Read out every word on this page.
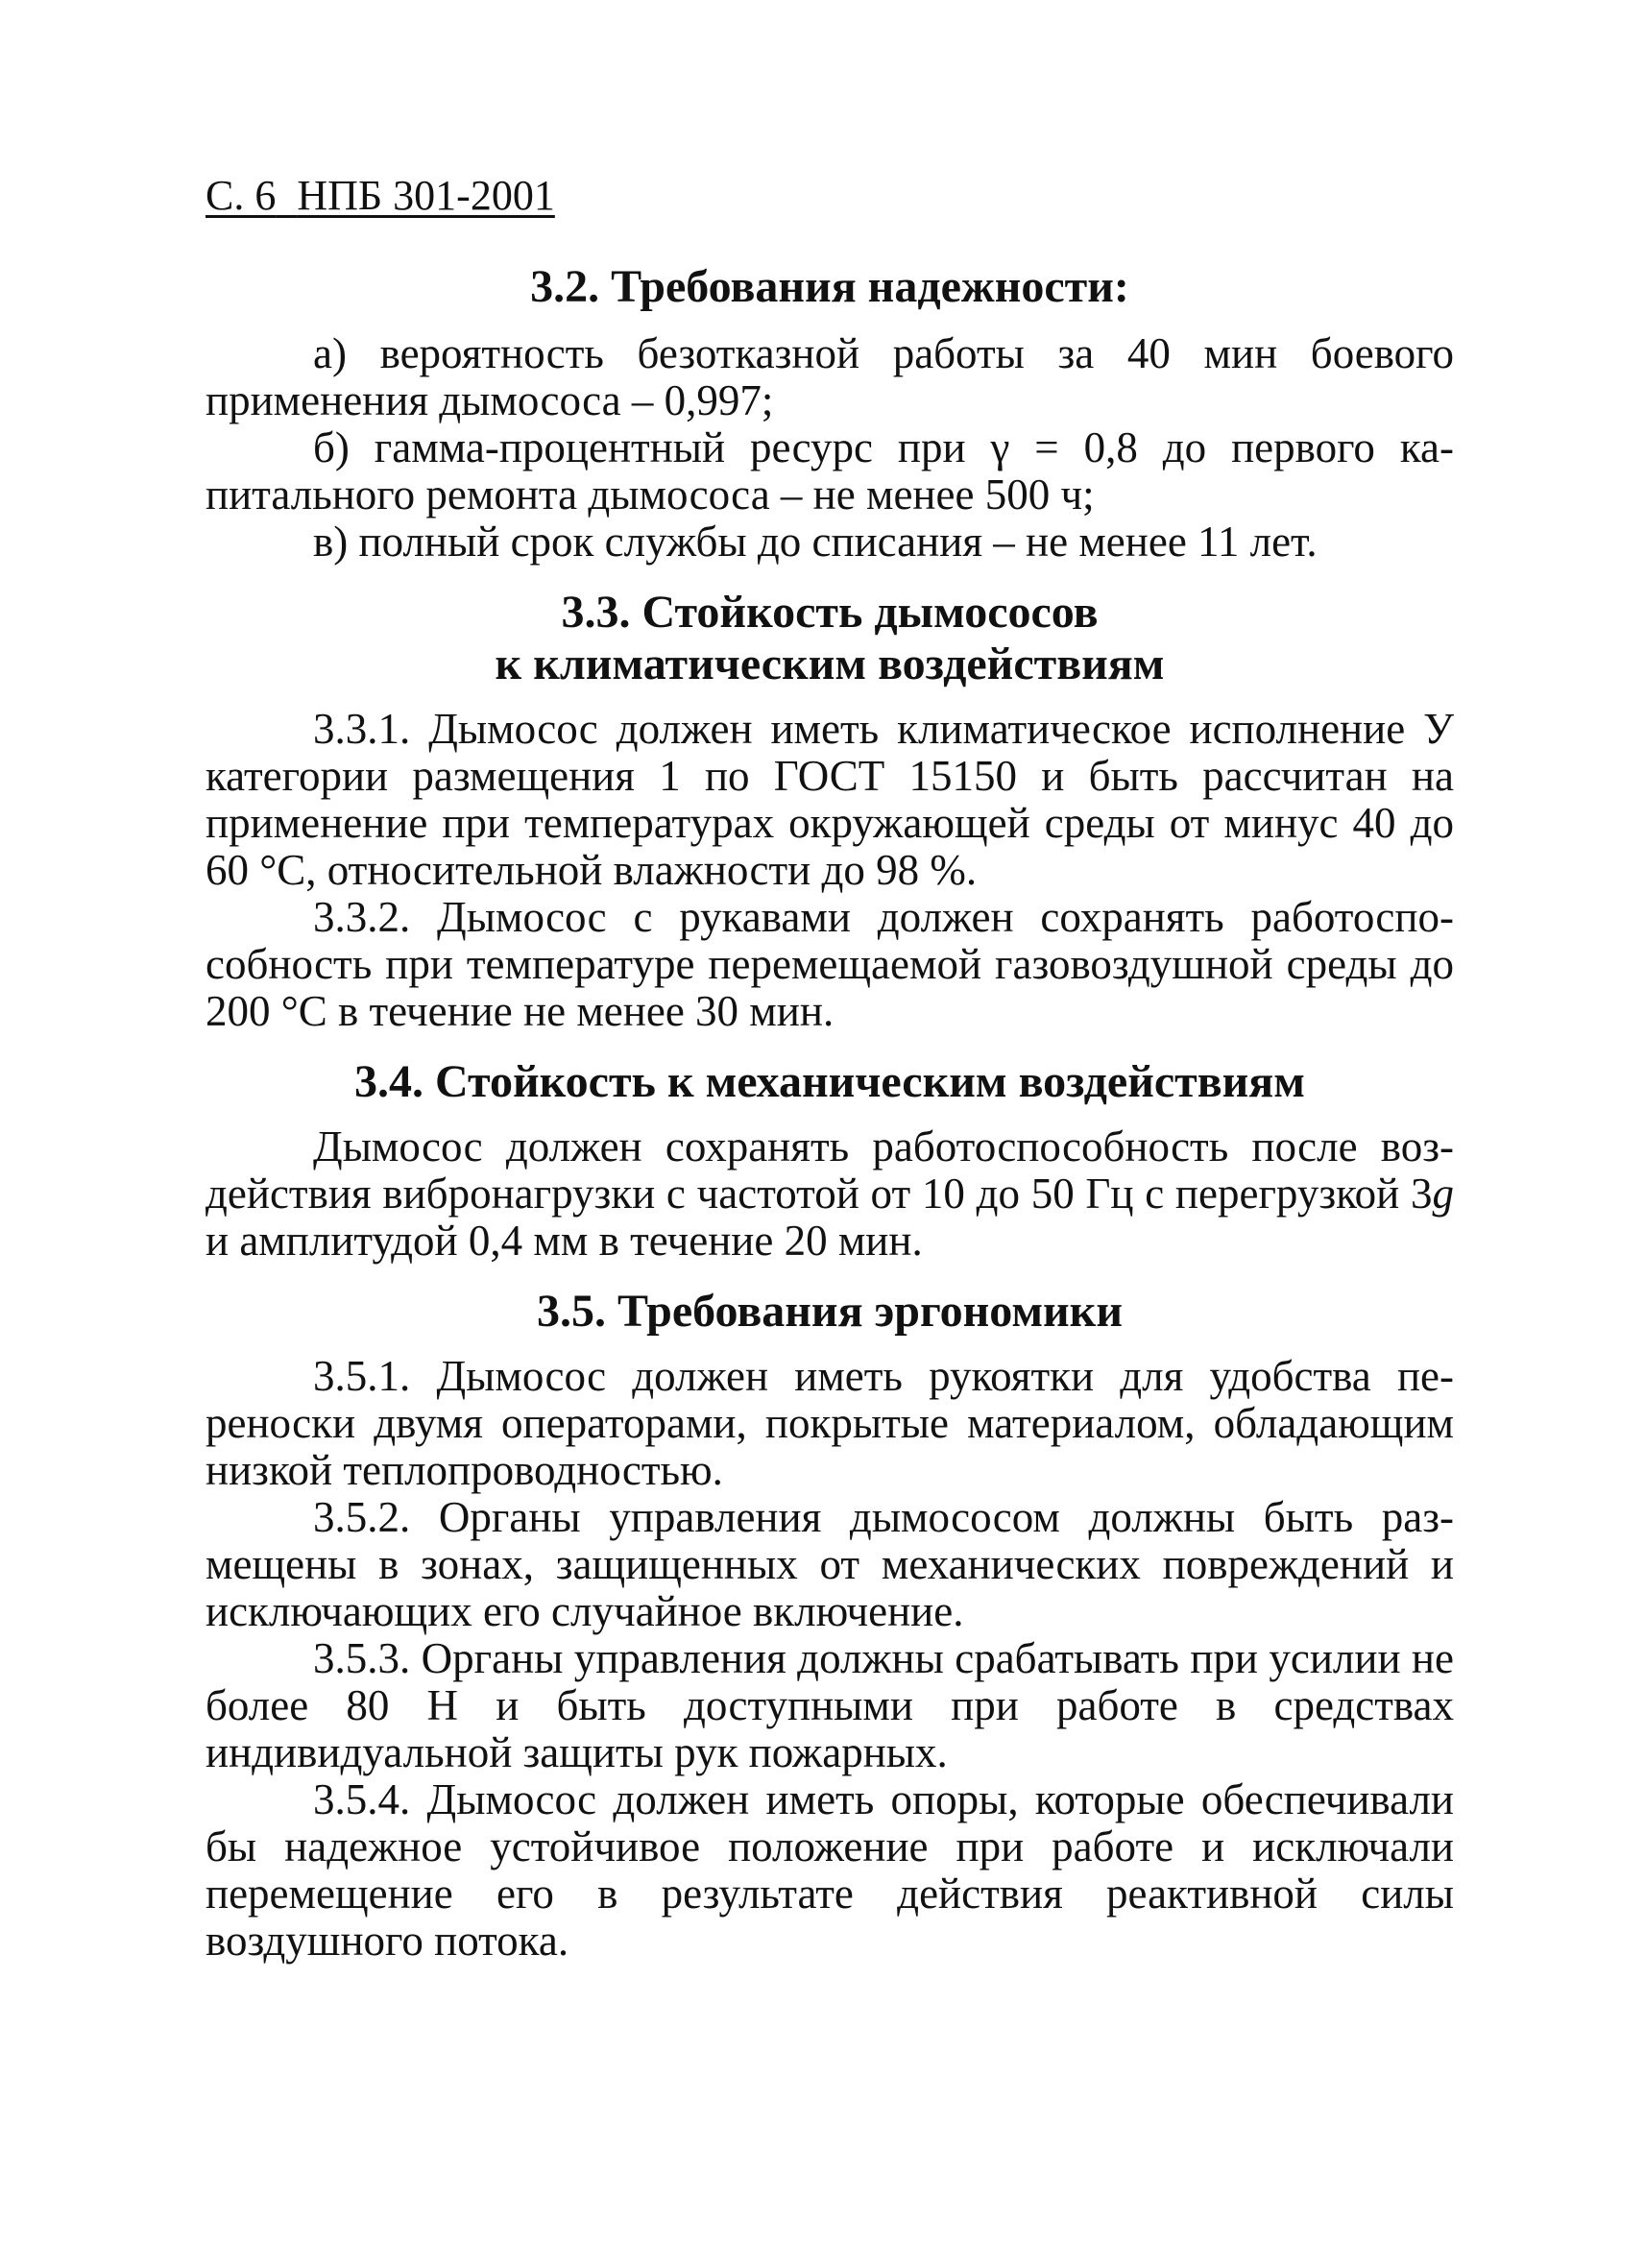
С. 6 НПБ 301-2001
3.2. Требования надежности:

а) вероятность безотказной работы за 40 мин боевого применения дымососа – 0,997;

б) гамма-процентный ресурс при γ = 0,8 до первого капитального ремонта дымососа – не менее 500 ч;

в) полный срок службы до списания – не менее 11 лет.

3.3. Стойкость дымососов
к климатическим воздействиям

3.3.1. Дымосос должен иметь климатическое исполнение У категории размещения 1 по ГОСТ 15150 и быть рассчитан на применение при температурах окружающей среды от минус 40 до 60 °С, относительной влажности до 98 %.

3.3.2. Дымосос с рукавами должен сохранять работоспособность при температуре перемещаемой газовоздушной среды до 200 °С в течение не менее 30 мин.

3.4. Стойкость к механическим воздействиям

Дымосос должен сохранять работоспособность после воздействия вибронагрузки с частотой от 10 до 50 Гц с перегрузкой 3g и амплитудой 0,4 мм в течение 20 мин.

3.5. Требования эргономики

3.5.1. Дымосос должен иметь рукоятки для удобства переноски двумя операторами, покрытые материалом, обладающим низкой теплопроводностью.

3.5.2. Органы управления дымососом должны быть размещены в зонах, защищенных от механических повреждений и исключающих его случайное включение.

3.5.3. Органы управления должны срабатывать при усилии не более 80 Н и быть доступными при работе в средствах индивидуальной защиты рук пожарных.

3.5.4. Дымосос должен иметь опоры, которые обеспечивали бы надежное устойчивое положение при работе и исключали перемещение его в результате действия реактивной силы воздушного потока.
